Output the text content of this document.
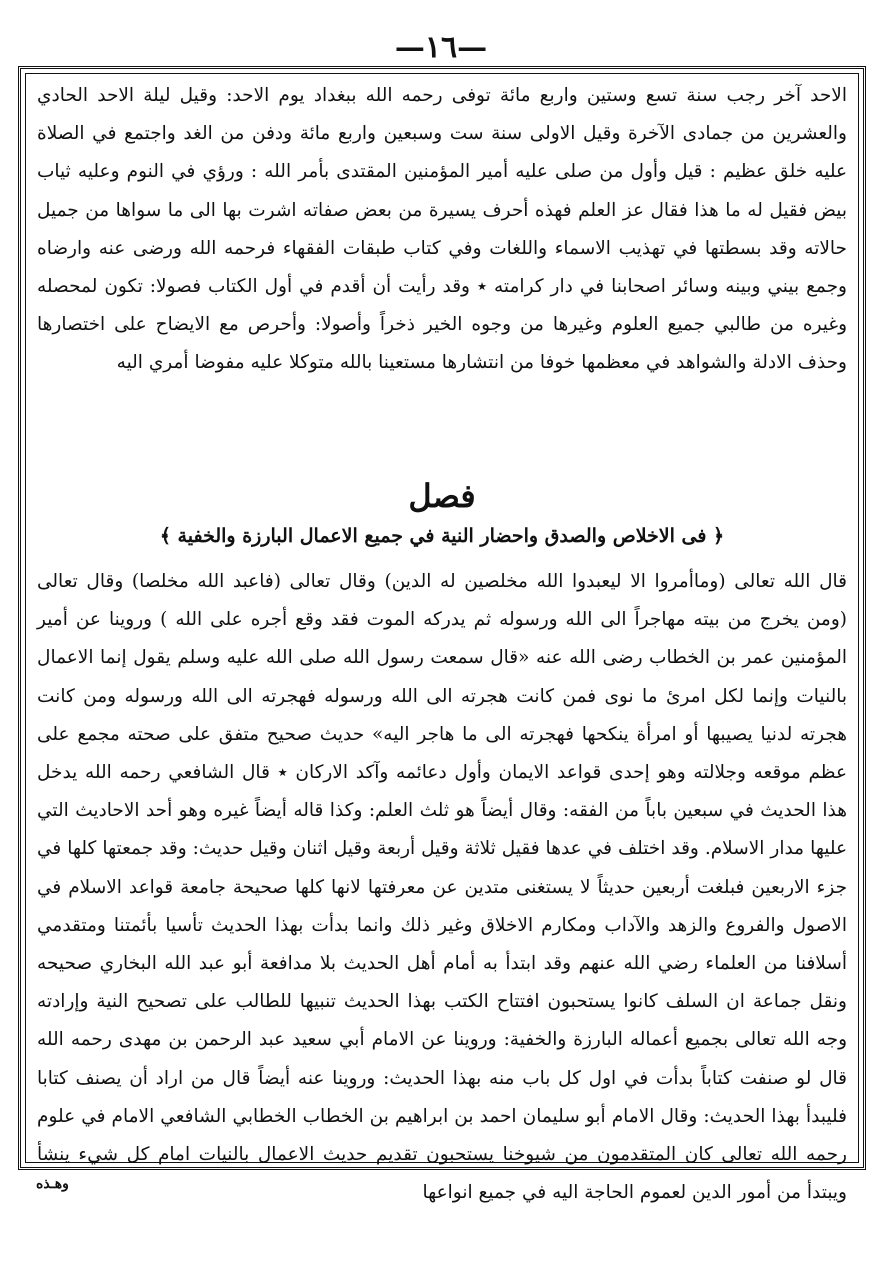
—١٦—
الاحد آخر رجب سنة تسع وستين واربع مائة توفى رحمه الله ببغداد يوم الاحد: وقيل ليلة الاحد الحادي والعشرين من جمادى الآخرة وقيل الاولى سنة ست وسبعين واربع مائة ودفن من الغد واجتمع في الصلاة عليه خلق عظيم : قيل وأول من صلى عليه أمير المؤمنين المقتدى بأمر الله : ورؤي في النوم وعليه ثياب بيض فقيل له ما هذا فقال عز العلم فهذه أحرف يسيرة من بعض صفاته اشرت بها الى ما سواها من جميل حالاته وقد بسطتها في تهذيب الاسماء واللغات وفي كتاب طبقات الفقهاء فرحمه الله ورضى عنه وارضاه وجمع بيني وبينه وسائر اصحابنا في دار كرامته ٭ وقد رأيت أن أقدم في أول الكتاب فصولا: تكون لمحصله وغيره من طالبي جميع العلوم وغيرها من وجوه الخير ذخراً وأصولا: وأحرص مع الايضاح على اختصارها وحذف الادلة والشواهد في معظمها خوفا من انتشارها مستعينا بالله متوكلا عليه مفوضا أمري اليه
فصل
﴿ فى الاخلاص والصدق واحضار النية في جميع الاعمال البارزة والخفية ﴾
قال الله تعالى (وماأمروا الا ليعبدوا الله مخلصين له الدين) وقال تعالى (فاعبد الله مخلصا) وقال تعالى (ومن يخرج من بيته مهاجراً الى الله ورسوله ثم يدركه الموت فقد وقع أجره على الله ) وروينا عن أمير المؤمنين عمر بن الخطاب رضى الله عنه «قال سمعت رسول الله صلى الله عليه وسلم يقول إنما الاعمال بالنيات وإنما لكل امرئ ما نوى فمن كانت هجرته الى الله ورسوله فهجرته الى الله ورسوله ومن كانت هجرته لدنيا يصيبها أو امرأة ينكحها فهجرته الى ما هاجر اليه» حديث صحيح متفق على صحته مجمع على عظم موقعه وجلالته وهو إحدى قواعد الايمان وأول دعائمه وآكد الاركان ٭ قال الشافعي رحمه الله يدخل هذا الحديث في سبعين باباً من الفقه: وقال أيضاً هو ثلث العلم: وكذا قاله أيضاً غيره وهو أحد الاحاديث التي عليها مدار الاسلام. وقد اختلف في عدها فقيل ثلاثة وقيل أربعة وقيل اثنان وقيل حديث: وقد جمعتها كلها في جزء الاربعين فبلغت أربعين حديثاً لا يستغنى متدين عن معرفتها لانها كلها صحيحة جامعة قواعد الاسلام في الاصول والفروع والزهد والآداب ومكارم الاخلاق وغير ذلك وانما بدأت بهذا الحديث تأسيا بأئمتنا ومتقدمي أسلافنا من العلماء رضي الله عنهم وقد ابتدأ به أمام أهل الحديث بلا مدافعة أبو عبد الله البخاري صحيحه ونقل جماعة ان السلف كانوا يستحبون افتتاح الكتب بهذا الحديث تنبيها للطالب على تصحيح النية وإرادته وجه الله تعالى بجميع أعماله البارزة والخفية: وروينا عن الامام أبي سعيد عبد الرحمن بن مهدى رحمه الله قال لو صنفت كتاباً بدأت في اول كل باب منه بهذا الحديث: وروينا عنه أيضاً قال من اراد أن يصنف كتابا فليبدأ بهذا الحديث: وقال الامام أبو سليمان احمد بن ابراهيم بن الخطاب الخطابي الشافعي الامام في علوم رحمه الله تعالى كان المتقدمون من شيوخنا يستحبون تقديم حديث الاعمال بالنيات امام كل شيء ينشأ ويبتدأ من أمور الدين لعموم الحاجة اليه في جميع انواعها
وهـذه
